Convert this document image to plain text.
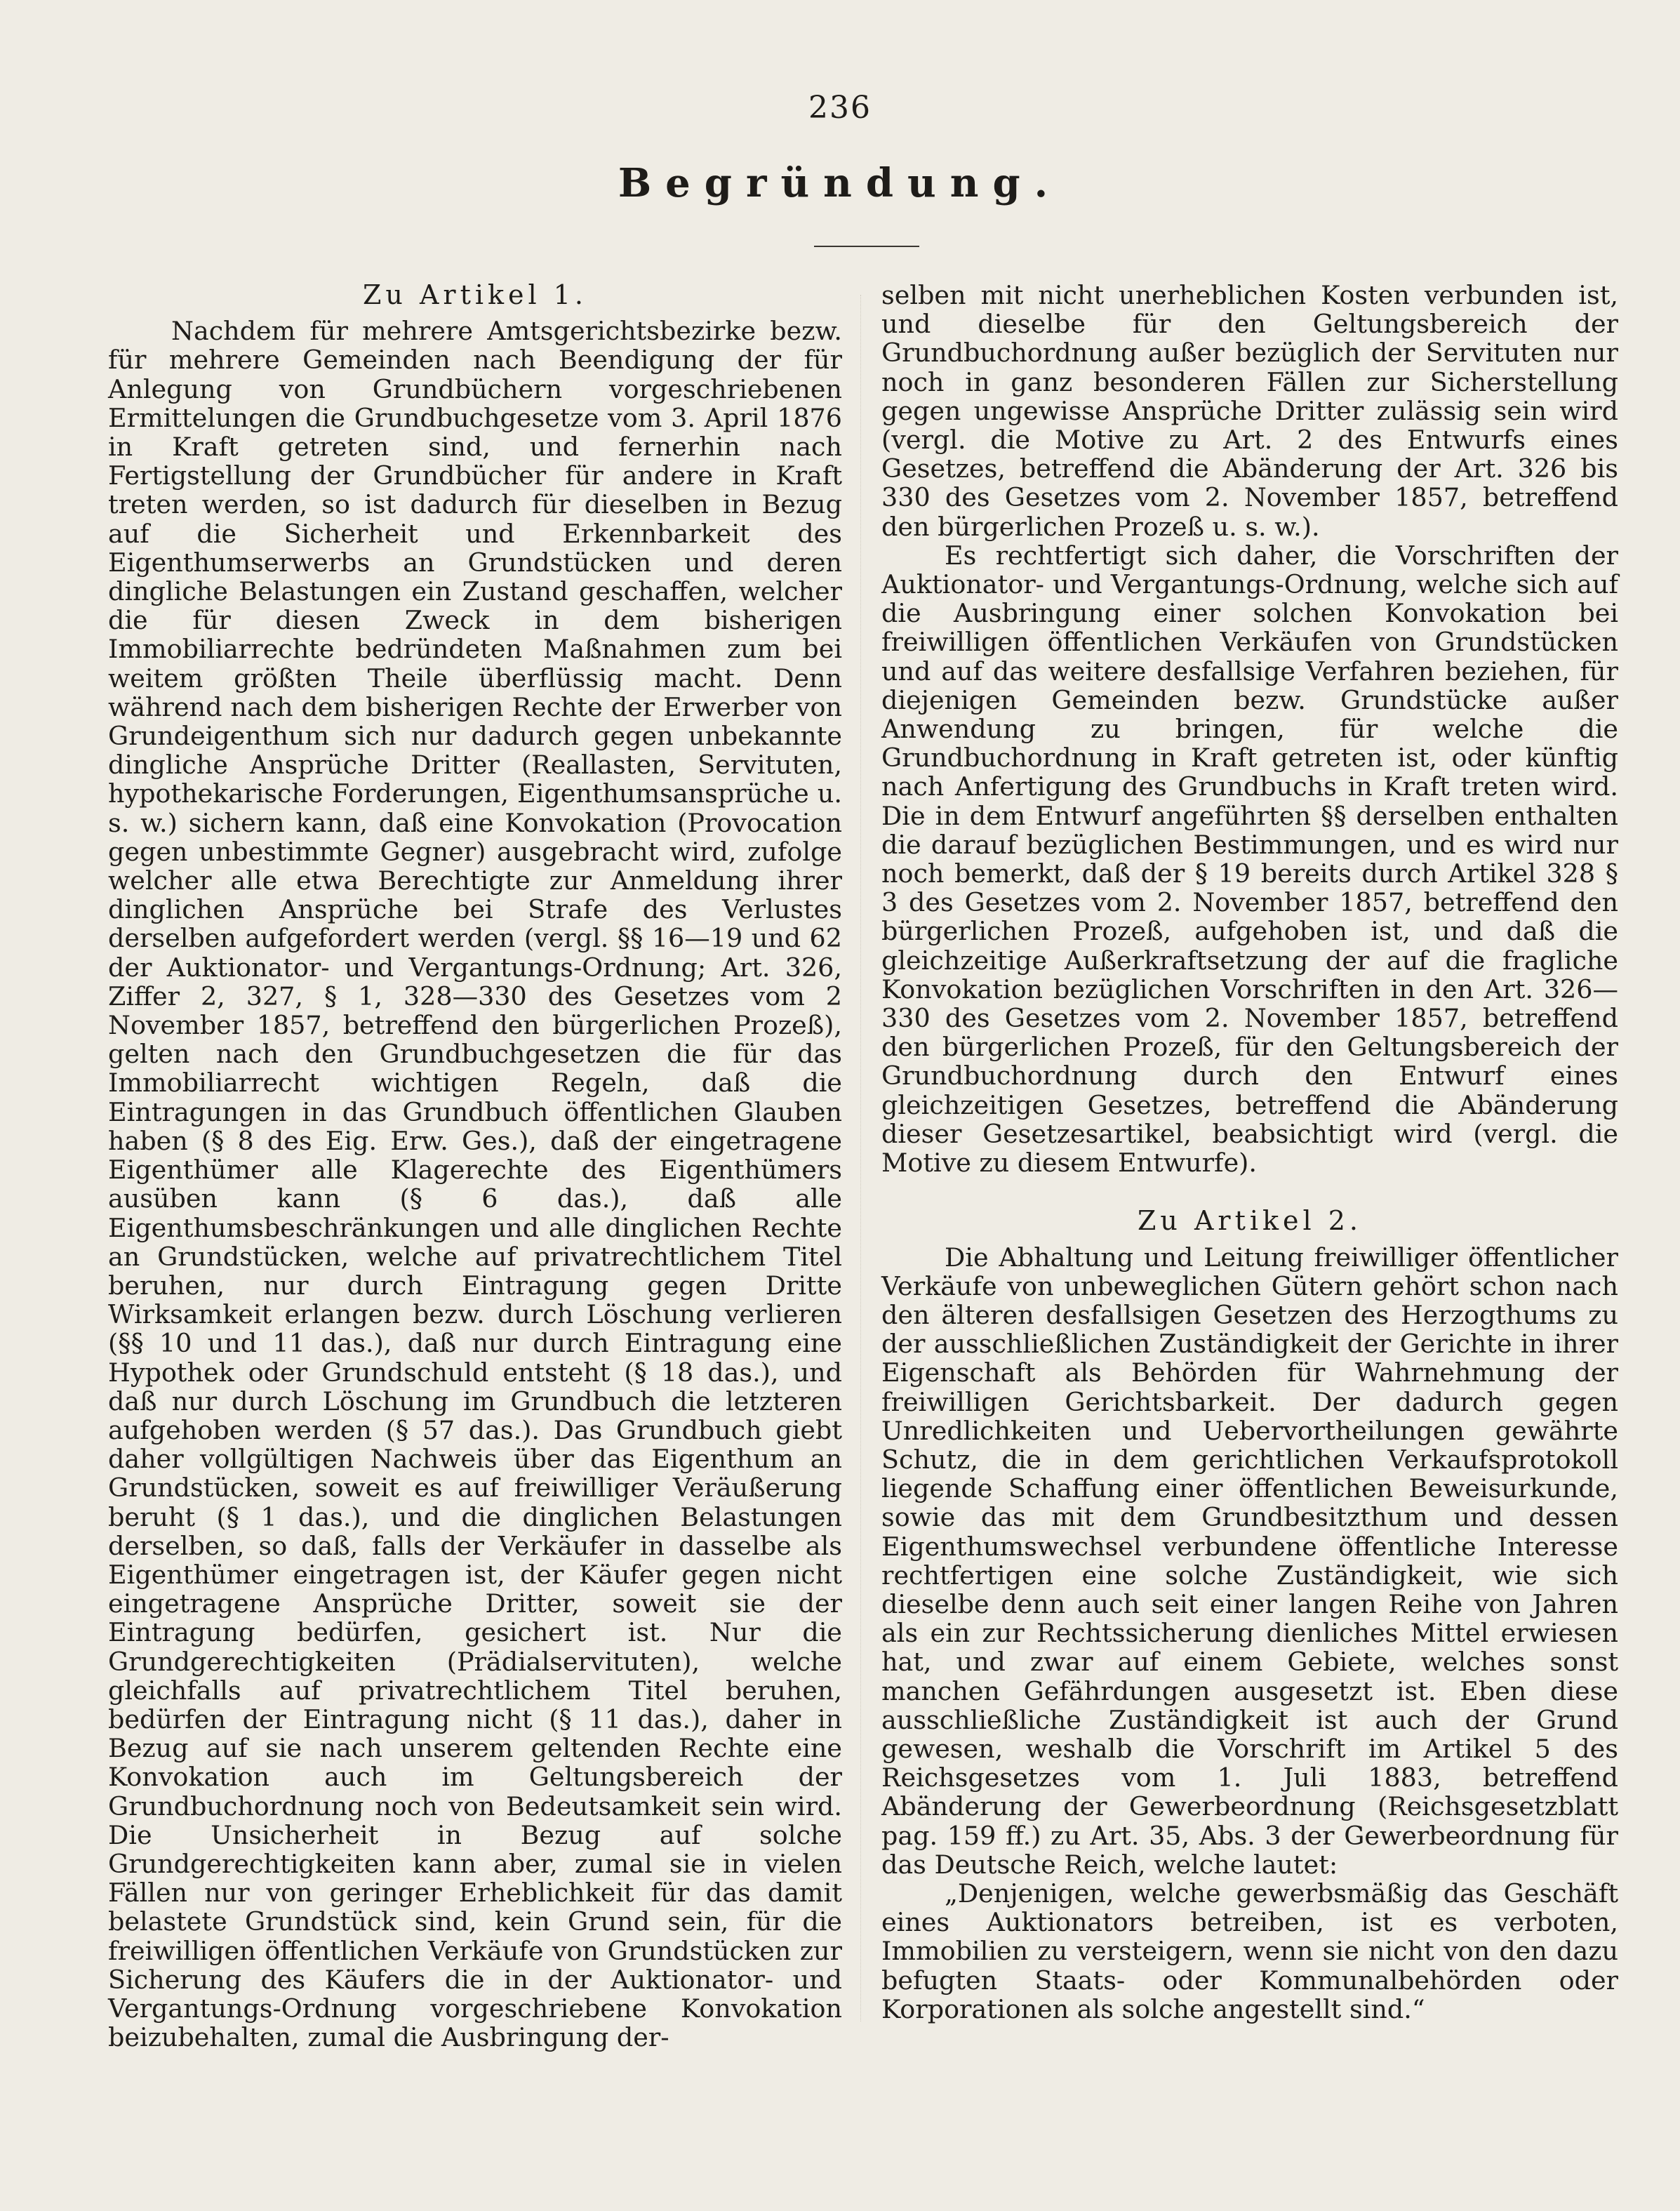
236
Begründung.
Zu Artikel 1.

Nachdem für mehrere Amtsgerichtsbezirke bezw. für mehrere Gemeinden nach Beendigung der für Anlegung von Grundbüchern vorgeschriebenen Ermittelungen die Grundbuchgesetze vom 3. April 1876 in Kraft getreten sind, und fernerhin nach Fertigstellung der Grundbücher für andere in Kraft treten werden, so ist dadurch für dieselben in Bezug auf die Sicherheit und Erkennbarkeit des Eigenthumserwerbs an Grundstücken und deren dingliche Belastungen ein Zustand geschaffen, welcher die für diesen Zweck in dem bisherigen Immobiliarrechte bedründeten Maßnahmen zum bei weitem größten Theile überflüssig macht. Denn während nach dem bisherigen Rechte der Erwerber von Grundeigenthum sich nur dadurch gegen unbekannte dingliche Ansprüche Dritter (Reallasten, Servituten, hypothekarische Forderungen, Eigenthumsansprüche u. s. w.) sichern kann, daß eine Konvokation (Provocation gegen unbestimmte Gegner) ausgebracht wird, zufolge welcher alle etwa Berechtigte zur Anmeldung ihrer dinglichen Ansprüche bei Strafe des Verlustes derselben aufgefordert werden (vergl. §§ 16—19 und 62 der Auktionator- und Vergantungs-Ordnung; Art. 326, Ziffer 2, 327, § 1, 328—330 des Gesetzes vom 2 November 1857, betreffend den bürgerlichen Prozeß), gelten nach den Grundbuchgesetzen die für das Immobiliarrecht wichtigen Regeln, daß die Eintragungen in das Grundbuch öffentlichen Glauben haben (§ 8 des Eig. Erw. Ges.), daß der eingetragene Eigenthümer alle Klagerechte des Eigenthümers ausüben kann (§ 6 das.), daß alle Eigenthumsbeschränkungen und alle dinglichen Rechte an Grundstücken, welche auf privatrechtlichem Titel beruhen, nur durch Eintragung gegen Dritte Wirksamkeit erlangen bezw. durch Löschung verlieren (§§ 10 und 11 das.), daß nur durch Eintragung eine Hypothek oder Grundschuld entsteht (§ 18 das.), und daß nur durch Löschung im Grundbuch die letzteren aufgehoben werden (§ 57 das.). Das Grundbuch giebt daher vollgültigen Nachweis über das Eigenthum an Grundstücken, soweit es auf freiwilliger Veräußerung beruht (§ 1 das.), und die dinglichen Belastungen derselben, so daß, falls der Verkäufer in dasselbe als Eigenthümer eingetragen ist, der Käufer gegen nicht eingetragene Ansprüche Dritter, soweit sie der Eintragung bedürfen, gesichert ist. Nur die Grundgerechtigkeiten (Prädialservituten), welche gleichfalls auf privatrechtlichem Titel beruhen, bedürfen der Eintragung nicht (§ 11 das.), daher in Bezug auf sie nach unserem geltenden Rechte eine Konvokation auch im Geltungsbereich der Grundbuchordnung noch von Bedeutsamkeit sein wird. Die Unsicherheit in Bezug auf solche Grundgerechtigkeiten kann aber, zumal sie in vielen Fällen nur von geringer Erheblichkeit für das damit belastete Grundstück sind, kein Grund sein, für die freiwilligen öffentlichen Verkäufe von Grundstücken zur Sicherung des Käufers die in der Auktionator- und Vergantungs-Ordnung vorgeschriebene Konvokation beizubehalten, zumal die Ausbringung der-

selben mit nicht unerheblichen Kosten verbunden ist, und dieselbe für den Geltungsbereich der Grundbuchordnung außer bezüglich der Servituten nur noch in ganz besonderen Fällen zur Sicherstellung gegen ungewisse Ansprüche Dritter zulässig sein wird (vergl. die Motive zu Art. 2 des Entwurfs eines Gesetzes, betreffend die Abänderung der Art. 326 bis 330 des Gesetzes vom 2. November 1857, betreffend den bürgerlichen Prozeß u. s. w.).

Es rechtfertigt sich daher, die Vorschriften der Auktionator- und Vergantungs-Ordnung, welche sich auf die Ausbringung einer solchen Konvokation bei freiwilligen öffentlichen Verkäufen von Grundstücken und auf das weitere desfallsige Verfahren beziehen, für diejenigen Gemeinden bezw. Grundstücke außer Anwendung zu bringen, für welche die Grundbuchordnung in Kraft getreten ist, oder künftig nach Anfertigung des Grundbuchs in Kraft treten wird. Die in dem Entwurf angeführten §§ derselben enthalten die darauf bezüglichen Bestimmungen, und es wird nur noch bemerkt, daß der § 19 bereits durch Artikel 328 § 3 des Gesetzes vom 2. November 1857, betreffend den bürgerlichen Prozeß, aufgehoben ist, und daß die gleichzeitige Außerkraftsetzung der auf die fragliche Konvokation bezüglichen Vorschriften in den Art. 326—330 des Gesetzes vom 2. November 1857, betreffend den bürgerlichen Prozeß, für den Geltungsbereich der Grundbuchordnung durch den Entwurf eines gleichzeitigen Gesetzes, betreffend die Abänderung dieser Gesetzesartikel, beabsichtigt wird (vergl. die Motive zu diesem Entwurfe).

Zu Artikel 2.

Die Abhaltung und Leitung freiwilliger öffentlicher Verkäufe von unbeweglichen Gütern gehört schon nach den älteren desfallsigen Gesetzen des Herzogthums zu der ausschließlichen Zuständigkeit der Gerichte in ihrer Eigenschaft als Behörden für Wahrnehmung der freiwilligen Gerichtsbarkeit. Der dadurch gegen Unredlichkeiten und Uebervortheilungen gewährte Schutz, die in dem gerichtlichen Verkaufsprotokoll liegende Schaffung einer öffentlichen Beweisurkunde, sowie das mit dem Grundbesitzthum und dessen Eigenthumswechsel verbundene öffentliche Interesse rechtfertigen eine solche Zuständigkeit, wie sich dieselbe denn auch seit einer langen Reihe von Jahren als ein zur Rechtssicherung dienliches Mittel erwiesen hat, und zwar auf einem Gebiete, welches sonst manchen Gefährdungen ausgesetzt ist. Eben diese ausschließliche Zuständigkeit ist auch der Grund gewesen, weshalb die Vorschrift im Artikel 5 des Reichsgesetzes vom 1. Juli 1883, betreffend Abänderung der Gewerbeordnung (Reichsgesetzblatt pag. 159 ff.) zu Art. 35, Abs. 3 der Gewerbeordnung für das Deutsche Reich, welche lautet:

„Denjenigen, welche gewerbsmäßig das Geschäft eines Auktionators betreiben, ist es verboten, Immobilien zu versteigern, wenn sie nicht von den dazu befugten Staats- oder Kommunalbehörden oder Korporationen als solche angestellt sind.“
